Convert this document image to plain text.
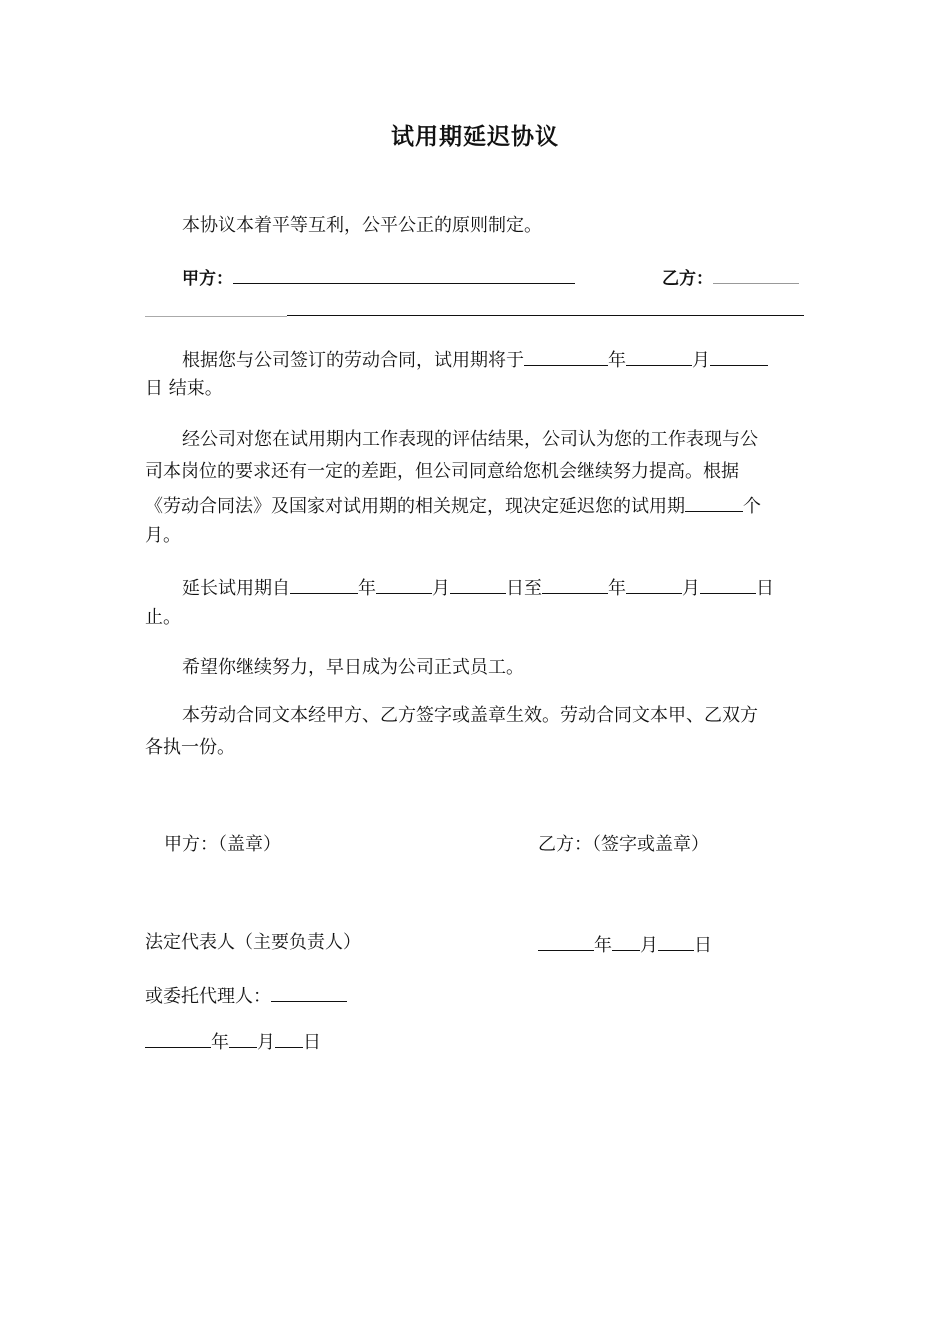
试用期延迟协议
本协议本着平等互利，公平公正的原则制定。
甲方：	乙方：
根据您与公司签订的劳动合同，试用期将于	年	月
日 结束。
经公司对您在试用期内工作表现的评估结果，公司认为您的工作表现与公
司本岗位的要求还有一定的差距，但公司同意给您机会继续努力提高。根据
《劳动合同法》及国家对试用期的相关规定，现决定延迟您的试用期	个
月。
延长试用期自	年	月	日至	年	月	日
止。
希望你继续努力，早日成为公司正式员工。
本劳动合同文本经甲方、乙方签字或盖章生效。劳动合同文本甲、乙双方
各执一份。
甲方：（盖章）	乙方：（签字或盖章）
法定代表人（主要负责人）	年 月 日
或委托代理人：
年 月 日
